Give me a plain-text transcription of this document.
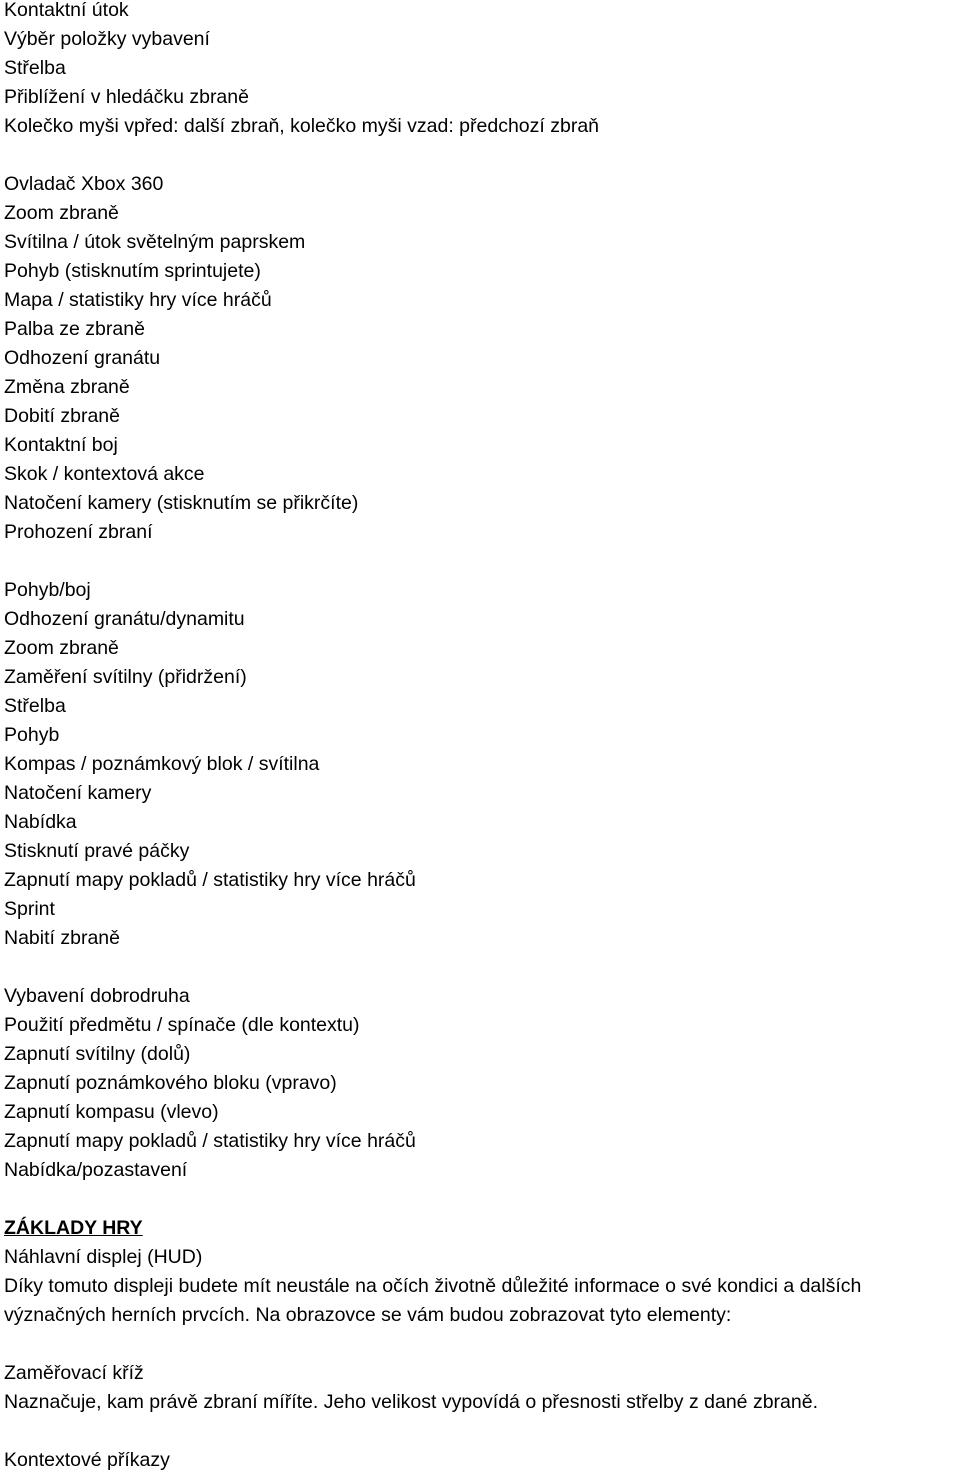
Kontaktní útok
Výběr položky vybavení
Střelba
Přiblížení v hledáčku zbraně
Kolečko myši vpřed: další zbraň, kolečko myši vzad: předchozí zbraň
Ovladač Xbox 360
Zoom zbraně
Svítilna / útok světelným paprskem
Pohyb (stisknutím sprintujete)
Mapa / statistiky hry více hráčů
Palba ze zbraně
Odhození granátu
Změna zbraně
Dobití zbraně
Kontaktní boj
Skok / kontextová akce
Natočení kamery (stisknutím se přikrčíte)
Prohození zbraní
Pohyb/boj
Odhození granátu/dynamitu
Zoom zbraně
Zaměření svítilny (přidržení)
Střelba
Pohyb
Kompas / poznámkový blok / svítilna
Natočení kamery
Nabídka
Stisknutí pravé páčky
Zapnutí mapy pokladů / statistiky hry více hráčů
Sprint
Nabití zbraně
Vybavení dobrodruha
Použití předmětu / spínače (dle kontextu)
Zapnutí svítilny (dolů)
Zapnutí poznámkového bloku (vpravo)
Zapnutí kompasu (vlevo)
Zapnutí mapy pokladů / statistiky hry více hráčů
Nabídka/pozastavení
ZÁKLADY HRY
Náhlavní displej (HUD)
Díky tomuto displeji budete mít neustále na očích životně důležité informace o své kondici a dalších význačných herních prvcích. Na obrazovce se vám budou zobrazovat tyto elementy:
Zaměřovací kříž
Naznačuje, kam právě zbraní míříte. Jeho velikost vypovídá o přesnosti střelby z dané zbraně.
Kontextové příkazy
